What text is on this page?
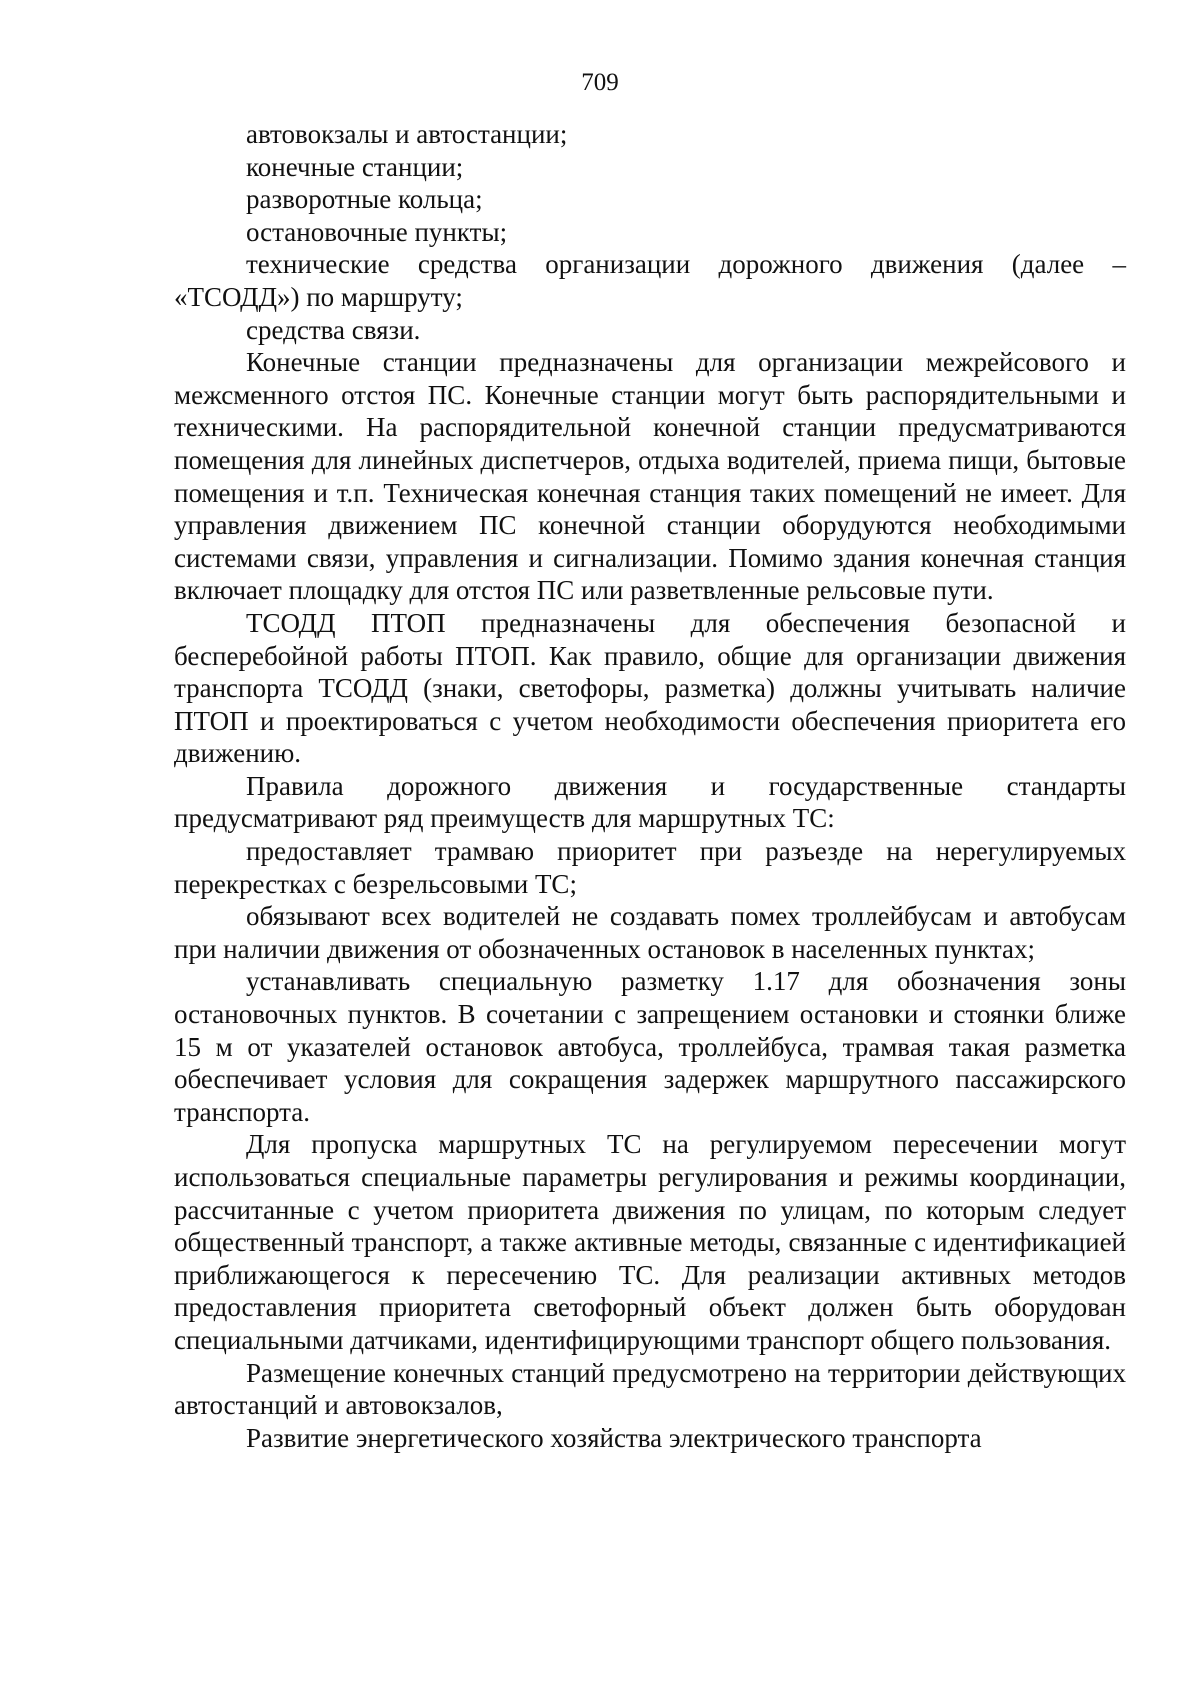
709

автовокзалы и автостанции;

конечные станции;

разворотные кольца;

остановочные пункты;

технические средства организации дорожного движения (далее – «ТСОДД») по маршруту;

средства связи.

Конечные станции предназначены для организации межрейсового и межсменного отстоя ПС. Конечные станции могут быть распорядительными и техническими. На распорядительной конечной станции предусматриваются помещения для линейных диспетчеров, отдыха водителей, приема пищи, бытовые помещения и т.п. Техническая конечная станция таких помещений не имеет. Для управления движением ПС конечной станции оборудуются необходимыми системами связи, управления и сигнализации. Помимо здания конечная станция включает площадку для отстоя ПС или разветвленные рельсовые пути.

ТСОДД ПТОП предназначены для обеспечения безопасной и бесперебойной работы ПТОП. Как правило, общие для организации движения транспорта ТСОДД (знаки, светофоры, разметка) должны учитывать наличие ПТОП и проектироваться с учетом необходимости обеспечения приоритета его движению.

Правила дорожного движения и государственные стандарты предусматривают ряд преимуществ для маршрутных ТС:

предоставляет трамваю приоритет при разъезде на нерегулируемых перекрестках с безрельсовыми ТС;

обязывают всех водителей не создавать помех троллейбусам и автобусам при наличии движения от обозначенных остановок в населенных пунктах;

устанавливать специальную разметку 1.17 для обозначения зоны остановочных пунктов. В сочетании с запрещением остановки и стоянки ближе 15 м от указателей остановок автобуса, троллейбуса, трамвая такая разметка обеспечивает условия для сокращения задержек маршрутного пассажирского транспорта.

Для пропуска маршрутных ТС на регулируемом пересечении могут использоваться специальные параметры регулирования и режимы координации, рассчитанные с учетом приоритета движения по улицам, по которым следует общественный транспорт, а также активные методы, связанные с идентификацией приближающегося к пересечению ТС. Для реализации активных методов предоставления приоритета светофорный объект должен быть оборудован специальными датчиками, идентифицирующими транспорт общего пользования.

Размещение конечных станций предусмотрено на территории действующих автостанций и автовокзалов,

Развитие энергетического хозяйства электрического транспорта
